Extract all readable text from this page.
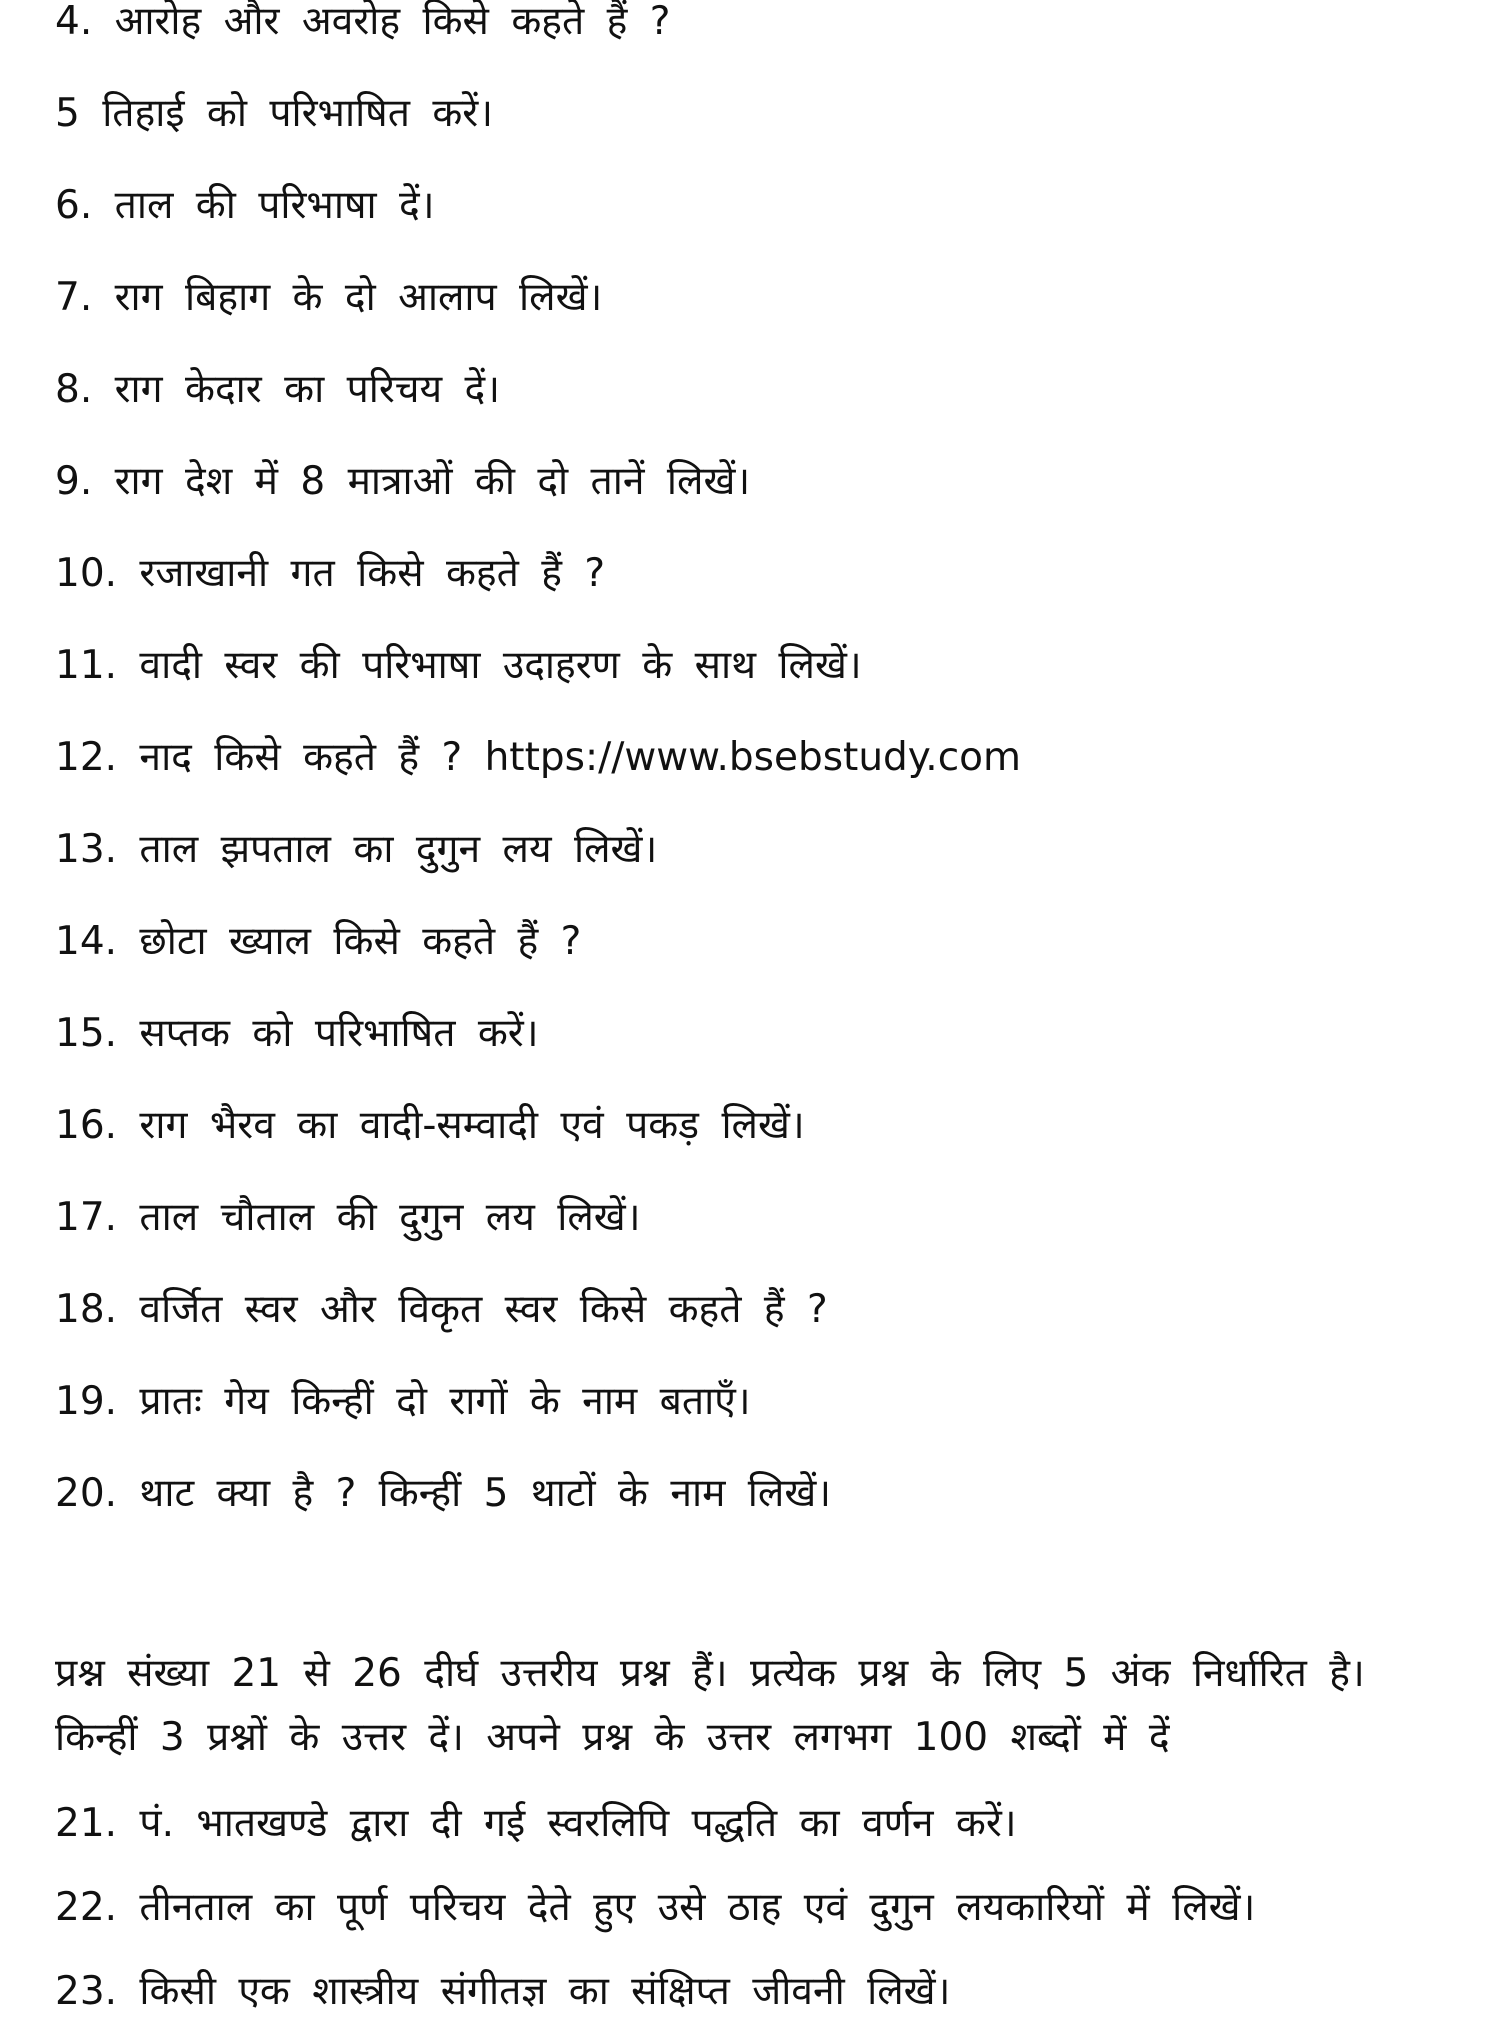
4. आरोह और अवरोह किसे कहते हैं ?
5 तिहाई को परिभाषित करें।
6. ताल की परिभाषा दें।
7. राग बिहाग के दो आलाप लिखें।
8. राग केदार का परिचय दें।
9. राग देश में 8 मात्राओं की दो तानें लिखें।
10. रजाखानी गत किसे कहते हैं ?
11. वादी स्वर की परिभाषा उदाहरण के साथ लिखें।
12. नाद किसे कहते हैं ? https://www.bsebstudy.com
13. ताल झपताल का दुगुन लय लिखें।
14. छोटा ख्याल किसे कहते हैं ?
15. सप्तक को परिभाषित करें।
16. राग भैरव का वादी-सम्वादी एवं पकड़ लिखें।
17. ताल चौताल की दुगुन लय लिखें।
18. वर्जित स्वर और विकृत स्वर किसे कहते हैं ?
19. प्रातः गेय किन्हीं दो रागों के नाम बताएँ।
20. थाट क्या है ? किन्हीं 5 थाटों के नाम लिखें।
प्रश्न संख्या 21 से 26 दीर्घ उत्तरीय प्रश्न हैं। प्रत्येक प्रश्न के लिए 5 अंक निर्धारित है।
किन्हीं 3 प्रश्नों के उत्तर दें। अपने प्रश्न के उत्तर लगभग 100 शब्दों में दें
21. पं. भातखण्डे द्वारा दी गई स्वरलिपि पद्धति का वर्णन करें।
22. तीनताल का पूर्ण परिचय देते हुए उसे ठाह एवं दुगुन लयकारियों में लिखें।
23. किसी एक शास्त्रीय संगीतज्ञ का संक्षिप्त जीवनी लिखें।
